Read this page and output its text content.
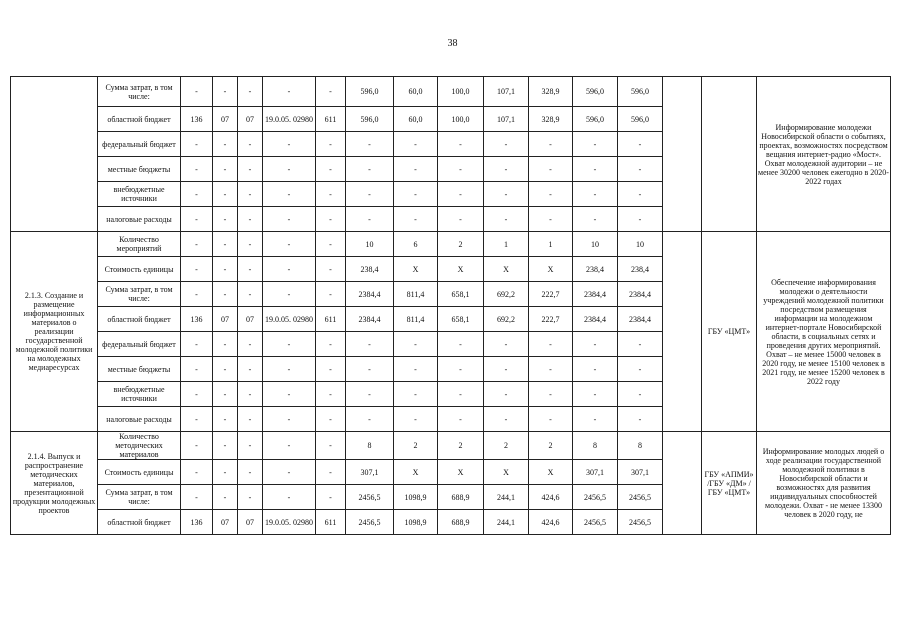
38
	Сумма затрат, в том числе:	-	-	-	-	-	596,0	60,0	100,0	107,1	328,9	596,0	596,0			Информирование молодежи Новосибирской области о событиях, проектах, возможностях посредством вещания интернет-радио «Мост». Охват молодежной аудитории – не менее 30200 человек ежегодно в 2020-2022 годах
	областной бюджет	136	07	07	19.0.05. 02980	611	596,0	60,0	100,0	107,1	328,9	596,0	596,0			
	федеральный бюджет	-	-	-	-	-	-	-	-	-	-	-	-			
	местные бюджеты	-	-	-	-	-	-	-	-	-	-	-	-			
	внебюджетные источники	-	-	-	-	-	-	-	-	-	-	-	-			
	налоговые расходы	-	-	-	-	-	-	-	-	-	-	-	-			
2.1.3. Создание и размещение информационных материалов о реализации государственной молодежной политики на молодежных медиаресурсах	Количество мероприятий	-	-	-	-	-	10	6	2	1	1	10	10		ГБУ «ЦМТ»	Обеспечение информирования молодежи о деятельности учреждений молодежной политики посредством размещения информации на молодежном интернет-портале Новосибирской области, в социальных сетях и проведения других мероприятий. Охват – не менее 15000 человек в 2020 году, не менее 15100 человек в 2021 году, не менее 15200 человек в 2022 году
	Стоимость единицы	-	-	-	-	-	238,4	X	X	X	X	238,4	238,4			
	Сумма затрат, в том числе:	-	-	-	-	-	2384,4	811,4	658,1	692,2	222,7	2384,4	2384,4			
	областной бюджет	136	07	07	19.0.05. 02980	611	2384,4	811,4	658,1	692,2	222,7	2384,4	2384,4			
	федеральный бюджет	-	-	-	-	-	-	-	-	-	-	-	-			
	местные бюджеты	-	-	-	-	-	-	-	-	-	-	-	-			
	внебюджетные источники	-	-	-	-	-	-	-	-	-	-	-	-			
	налоговые расходы	-	-	-	-	-	-	-	-	-	-	-	-			
2.1.4. Выпуск и распространение методических материалов, презентационной продукции молодежных проектов	Количество методических материалов	-	-	-	-	-	8	2	2	2	2	8	8		ГБУ «АПМИ» /ГБУ «ДМ» / ГБУ «ЦМТ»	Информирование молодых людей о ходе реализации государственной молодежной политики в Новосибирской области и возможностях для развития индивидуальных способностей молодежи. Охват - не менее 13300 человек в 2020 году, не
	Стоимость единицы	-	-	-	-	-	307,1	X	X	X	X	307,1	307,1			
	Сумма затрат, в том числе:	-	-	-	-	-	2456,5	1098,9	688,9	244,1	424,6	2456,5	2456,5			
	областной бюджет	136	07	07	19.0.05. 02980	611	2456,5	1098,9	688,9	244,1	424,6	2456,5	2456,5			
